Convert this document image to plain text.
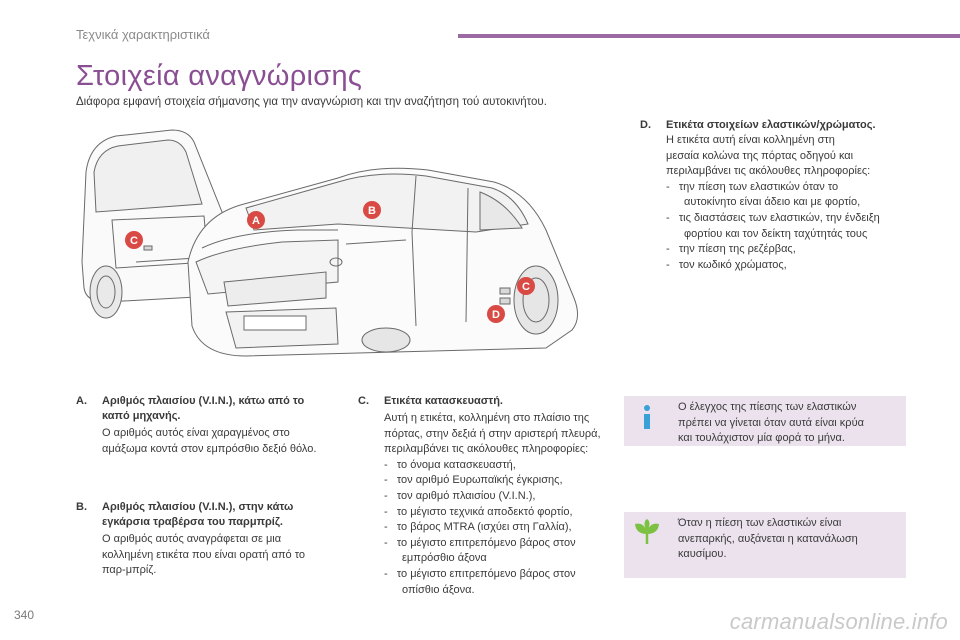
Τεχνικά χαρακτηριστικά
Στοιχεία αναγνώρισης
Διάφορα εμφανή στοιχεία σήμανσης για την αναγνώριση και την αναζήτηση τού αυτοκινήτου.
A
B
C
C
D
D. Ετικέτα στοιχείων ελαστικών/χρώματος.
Η ετικέτα αυτή είναι κολλημένη στη
μεσαία κολώνα της πόρτας οδηγού και
περιλαμβάνει τις ακόλουθες πληροφορίες:
-   την πίεση των ελαστικών όταν το
αυτοκίνητο είναι άδειο και με φορτίο,
-   τις διαστάσεις των ελαστικών, την ένδειξη
φορτίου και τον δείκτη ταχύτητάς τους
-   την πίεση της ρεζέρβας,
-   τον κωδικό χρώματος,
A. Αριθμός πλαισίου (V.I.N.), κάτω από το
καπό μηχανής.
Ο αριθμός αυτός είναι χαραγμένος στο
αμάξωμα κοντά στον εμπρόσθιο δεξιό θόλο.
B. Αριθμός πλαισίου (V.I.N.), στην κάτω
εγκάρσια τραβέρσα του παρμπρίζ.
Ο αριθμός αυτός αναγράφεται σε μια
κολλημένη ετικέτα που είναι ορατή από το
παρ-μπρίζ.
C. Ετικέτα κατασκευαστή.
Αυτή η ετικέτα, κολλημένη στο πλαίσιο της
πόρτας, στην δεξιά ή στην αριστερή πλευρά,
περιλαμβάνει τις ακόλουθες πληροφορίες:
-   το όνομα κατασκευαστή,
-   τον αριθμό Ευρωπαϊκής έγκρισης,
-   τον αριθμό πλαισίου (V.I.N.),
-   το μέγιστο τεχνικά αποδεκτό φορτίο,
-   το βάρος MTRA (ισχύει στη Γαλλία),
-   το μέγιστο επιτρεπόμενο βάρος στον
εμπρόσθιο άξονα
-   το μέγιστο επιτρεπόμενο βάρος στον
οπίσθιο άξονα.
Ο έλεγχος της πίεσης των ελαστικών
πρέπει να γίνεται όταν αυτά είναι κρύα
και τουλάχιστον μία φορά το μήνα.
Όταν η πίεση των ελαστικών είναι
ανεπαρκής, αυξάνεται η κατανάλωση
καυσίμου.
340	carmanualsonline.info
